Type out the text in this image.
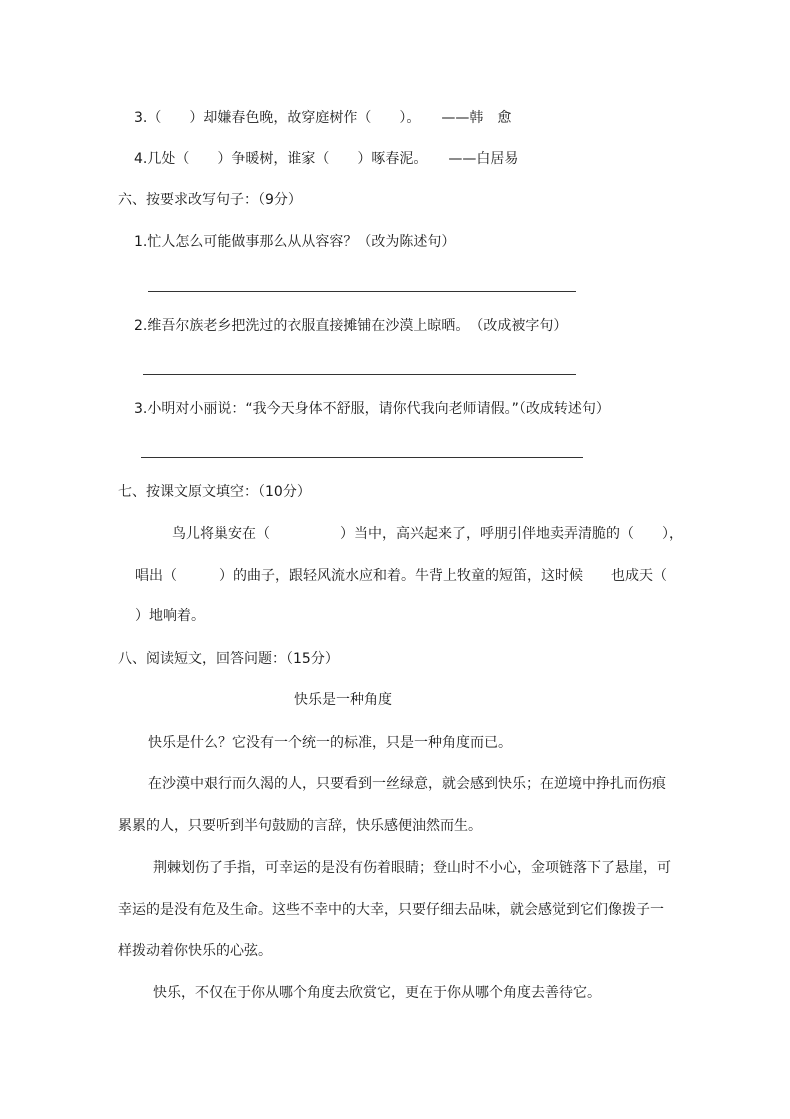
3.（　　）却嫌春色晚，故穿庭树作（　　）。　　——韩　愈
4.几处（　　）争暖树，谁家（　　）啄春泥。　　——白居易
六、按要求改写句子：（9分）
1.忙人怎么可能做事那么从从容容？（改为陈述句）
2.维吾尔族老乡把洗过的衣服直接摊铺在沙漠上晾晒。　（改成被字句）
3.小明对小丽说：“我今天身体不舒服，请你代我向老师请假。”（改成转述句）
七、按课文原文填空：（10分）
鸟儿将巢安在（　　　　　）当中，高兴起来了，呼朋引伴地卖弄清脆的（　　），
唱出（　　　）的曲子，跟轻风流水应和着。牛背上牧童的短笛，这时候　　也成天（
）地响着。
八、阅读短文，回答问题：（15分）
快乐是一种角度
快乐是什么？它没有一个统一的标准，只是一种角度而已。
在沙漠中艰行而久渴的人，只要看到一丝绿意，就会感到快乐；在逆境中挣扎而伤痕
累累的人，只要听到半句鼓励的言辞，快乐感便油然而生。
荆棘划伤了手指，可幸运的是没有伤着眼睛；登山时不小心，金项链落下了悬崖，可
幸运的是没有危及生命。这些不幸中的大幸，只要仔细去品味，就会感觉到它们像拨子一
样拨动着你快乐的心弦。
快乐，不仅在于你从哪个角度去欣赏它，更在于你从哪个角度去善待它。
